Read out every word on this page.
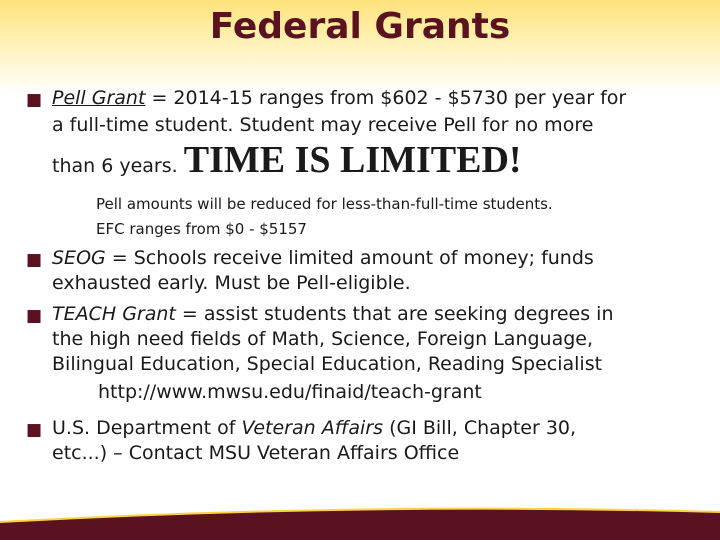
Federal Grants
■ Pell Grant = 2014-15 ranges from $602 - $5730 per year for
a full-time student. Student may receive Pell for no more
than 6 years. TIME IS LIMITED!
Pell amounts will be reduced for less-than-full-time students.
EFC ranges from $0 - $5157
■ SEOG = Schools receive limited amount of money; funds
exhausted early. Must be Pell-eligible.
■ TEACH Grant = assist students that are seeking degrees in
the high need fields of Math, Science, Foreign Language,
Bilingual Education, Special Education, Reading Specialist
http://www.mwsu.edu/finaid/teach-grant
■ U.S. Department of Veteran Affairs (GI Bill, Chapter 30,
etc...) – Contact MSU Veteran Affairs Office
